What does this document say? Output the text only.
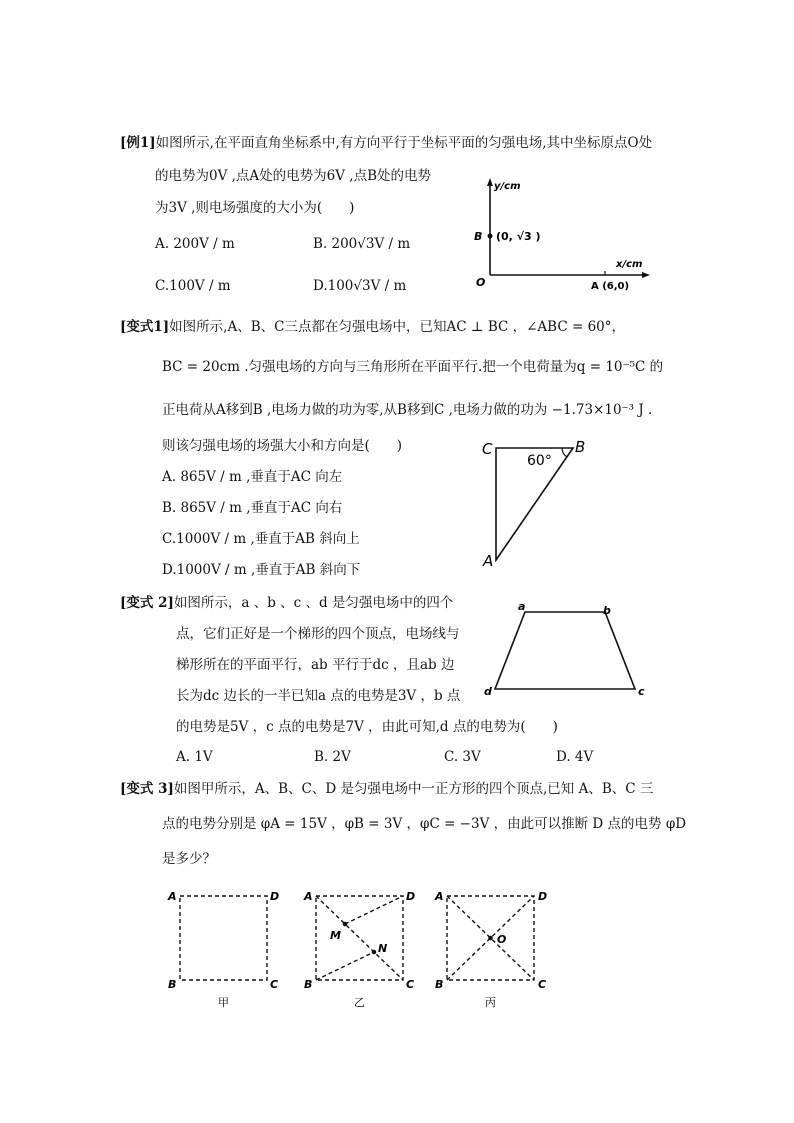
[例1]如图所示,在平面直角坐标系中,有方向平行于坐标平面的匀强电场,其中坐标原点O处
的电势为0V ,点A处的电势为6V ,点B处的电势
为3V ,则电场强度的大小为(　　)
A. 200V / m	B. 200√3V / m
C.100V / m	D.100√3V / m
y/cm
x/cm
O
B (0, √3 )
A (6,0)
[变式1]如图所示,A、B、C三点都在匀强电场中，已知AC ⊥ BC ，∠ABC = 60°，
BC = 20cm .匀强电场的方向与三角形所在平面平行.把一个电荷量为q = 10⁻⁵C 的
正电荷从A移到B ,电场力做的功为零,从B移到C ,电场力做的功为 −1.73×10⁻³ J .
则该匀强电场的场强大小和方向是(　　)
A. 865V / m ,垂直于AC 向左
B. 865V / m ,垂直于AC 向右
C.1000V / m ,垂直于AB 斜向上
D.1000V / m ,垂直于AB 斜向下
C	B
A
60°
[变式 2]如图所示，a 、b 、c 、d 是匀强电场中的四个
点，它们正好是一个梯形的四个顶点，电场线与
梯形所在的平面平行，ab 平行于dc ，且ab 边
长为dc 边长的一半已知a 点的电势是3V ，b 点
的电势是5V ，c 点的电势是7V ，由此可知,d 点的电势为(　　)
A. 1V	B. 2V	C. 3V	D. 4V
a	b
c
d
[变式 3]如图甲所示，A、B、C、D 是匀强电场中一正方形的四个顶点,已知 A、B、C 三
点的电势分别是 φA = 15V ，φB = 3V ，φC = −3V ，由此可以推断 D 点的电势 φD
是多少？
A	D
B	C
甲
A	D
B	C
M
N
乙
A	D
B	C
O
丙
